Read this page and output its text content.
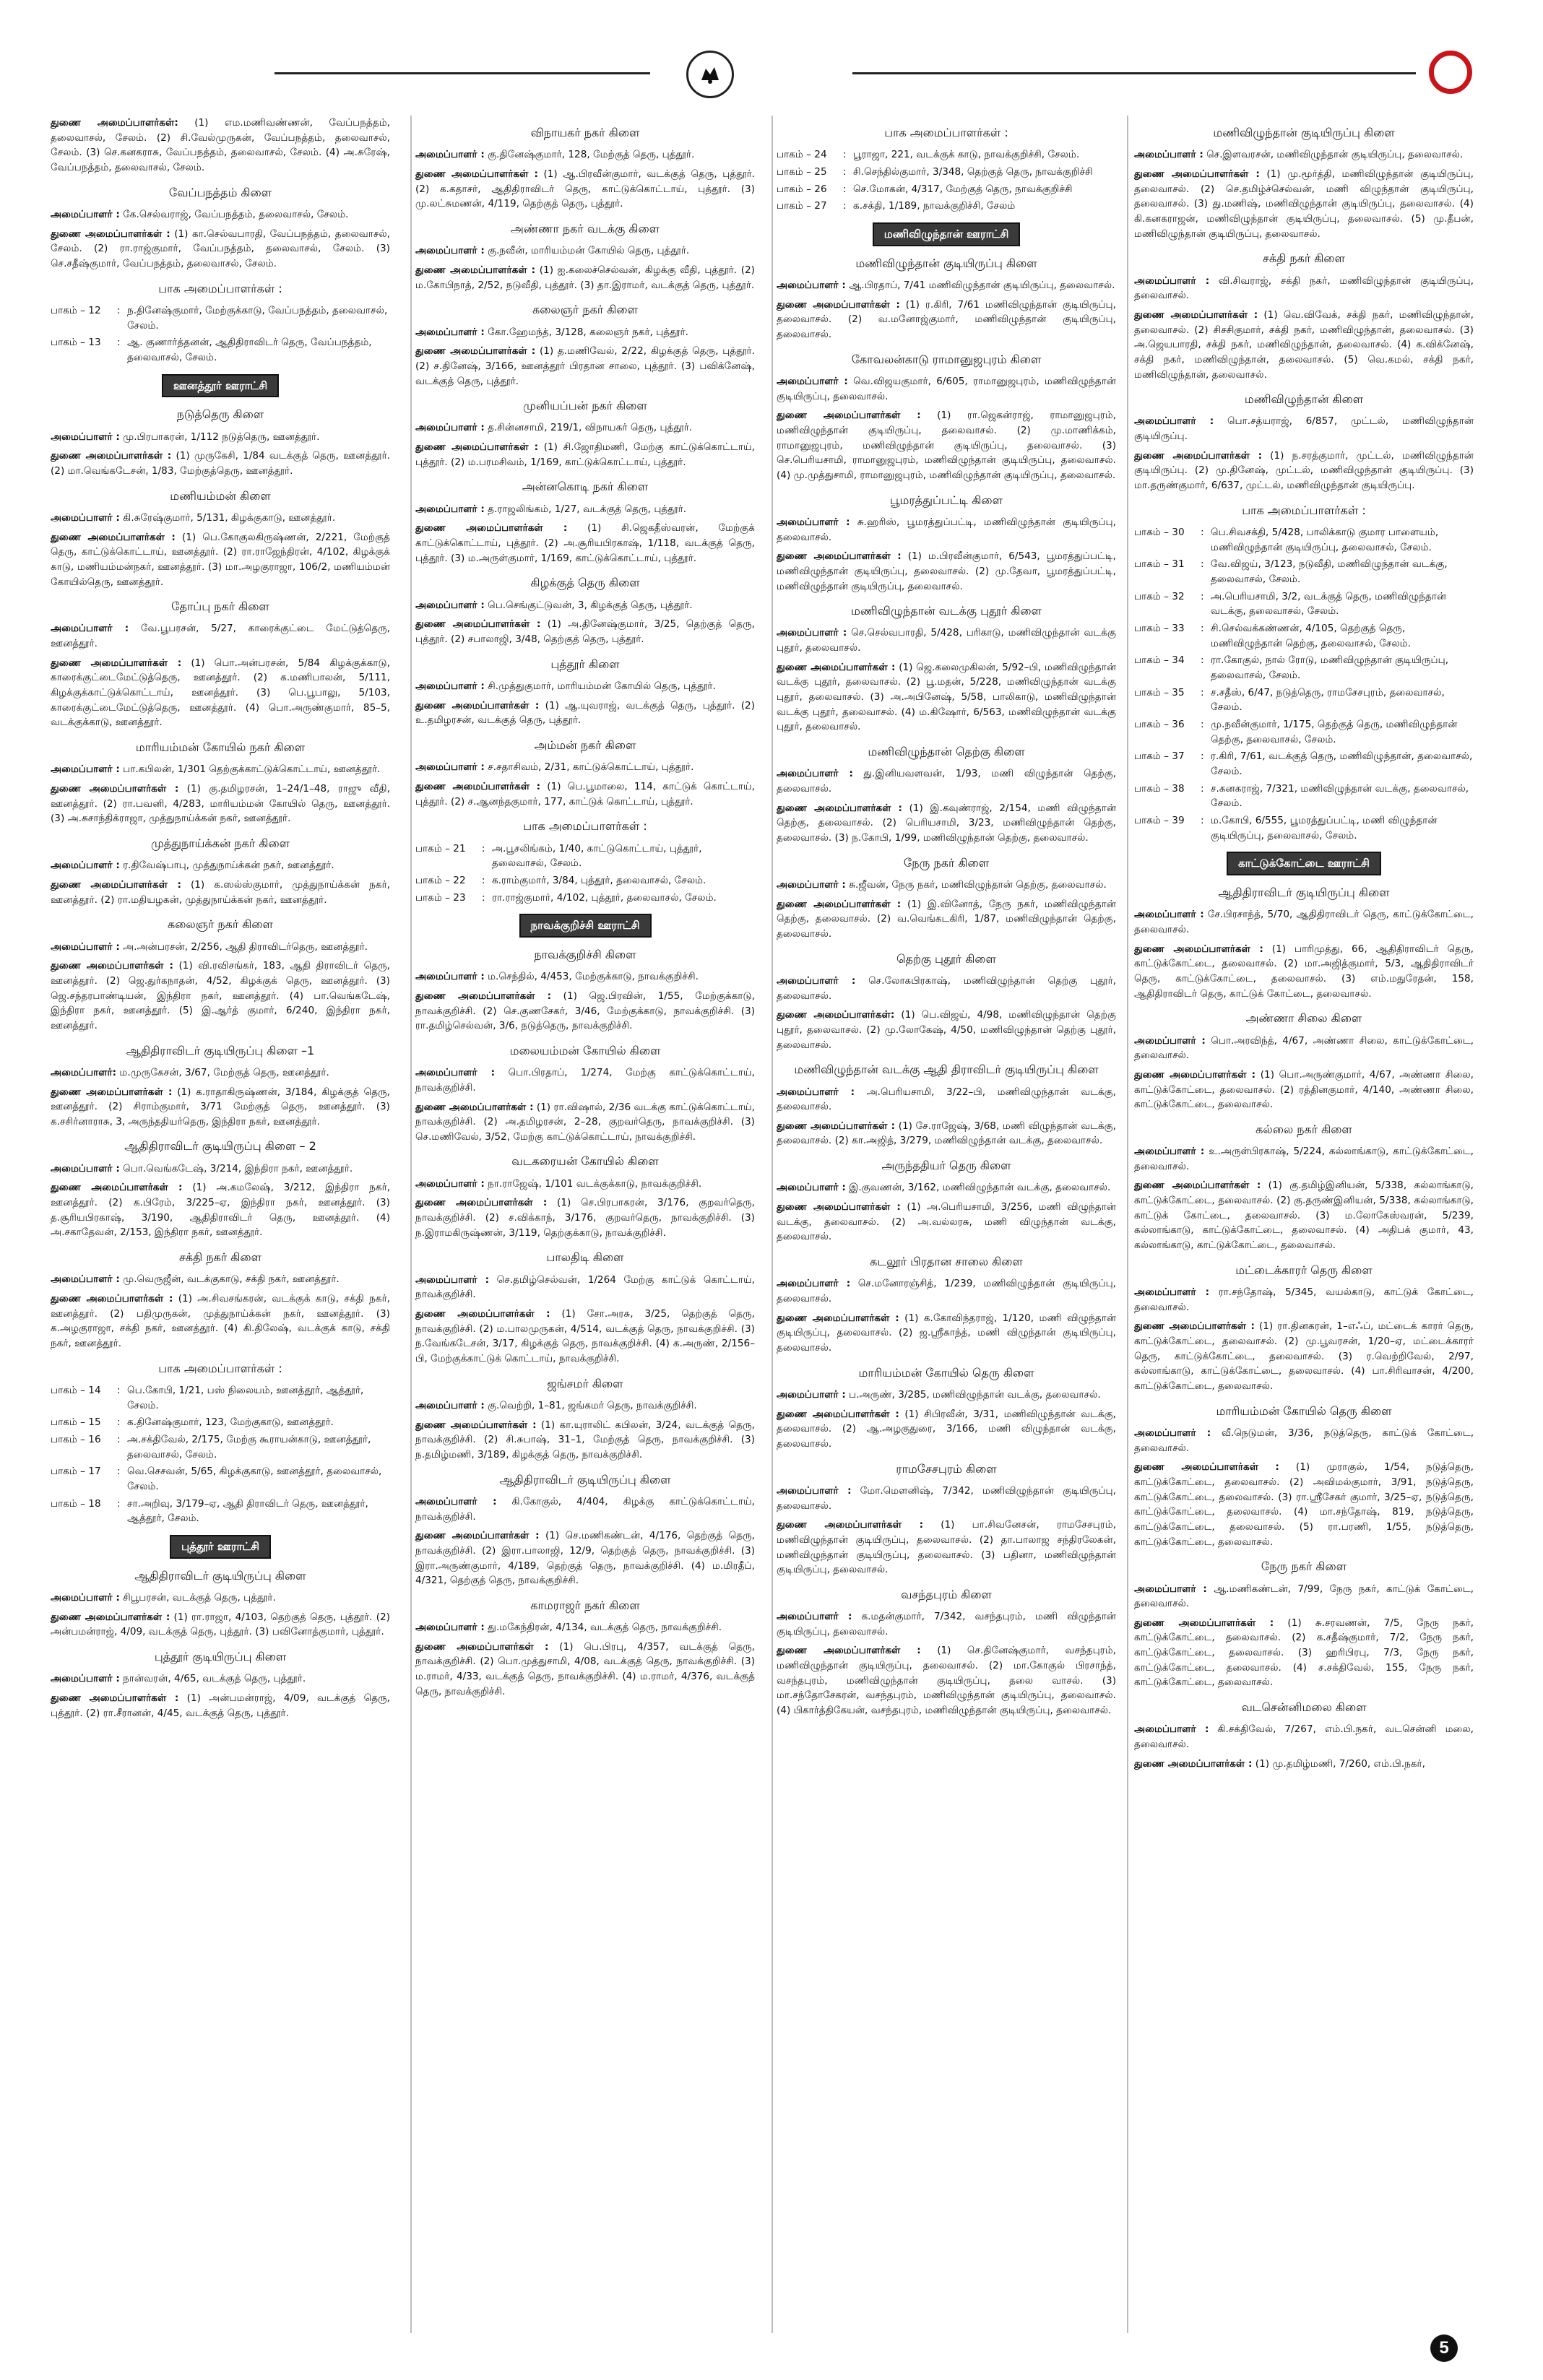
துணை அமைப்பாளர்கள்: (1) எம.மணிவண்ணன், வேப்பநத்தம், தலைவாசல், சேலம். (2) சி.வேல்முருகன், வேப்பநத்தம், தலைவாசல், சேலம். (3) செ.கனகராசு, வேப்பநத்தம், தலைவாசல், சேலம். (4) அ.சுரேஷ், வேப்பநத்தம், தலைவாசல், சேலம்.

வேப்பநத்தம் கிளை

அமைப்பாளர் : கே.செல்வராஜ், வேப்பநத்தம், தலைவாசல், சேலம்.

துணை அமைப்பாளர்கள் : (1) கா.செல்வபாரதி, வேப்பநத்தம், தலைவாசல், சேலம். (2) ரா.ராஜ்குமார், வேப்பநத்தம், தலைவாசல், சேலம். (3) செ.சதீஷ்குமார், வேப்பநத்தம், தலைவாசல், சேலம்.

பாக அமைப்பாளர்கள் :
பாகம் – 12	: ந.தினேஷ்குமார், மேற்குக்காடு, வேப்பநத்தம், தலைவாசல், சேலம்.
பாகம் – 13	: ஆ. குணார்த்தனன், ஆதிதிராவிடர் தெரு, வேப்பநத்தம், தலைவாசல், சேலம்.
ஊனத்தூர் ஊராட்சி
நடுத்தெரு கிளை

அமைப்பாளர் : மு.பிரபாகரன், 1/112 நடுத்தெரு, ஊனத்தூர்.

துணை அமைப்பாளர்கள் : (1) முருகேசி, 1/84 வடக்குத் தெரு, ஊனத்தூர். (2) மா.வெங்கடேசன், 1/83, மேற்குத்தெரு, ஊனத்தூர்.

மணியம்மன் கிளை

அமைப்பாளர் : கி.சுரேஷ்குமார், 5/131, கிழக்குகாடு, ஊனத்தூர்.

துணை அமைப்பாளர்கள் : (1) பெ.கோகுலகிருஷ்ணன், 2/221, மேற்குத் தெரு, காட்டுக்கொட்டாய், ஊனத்தூர். (2) ரா.ராஜேந்திரன், 4/102, கிழக்குக் காடு, மணியம்மன்நகர், ஊனத்தூர். (3) மா.அழகுராஜா, 106/2, மணியம்மன் கோயில்தெரு, ஊனத்தூர்.

தோப்பு நகர் கிளை

அமைப்பாளர் : வே.பூபரசன், 5/27, காரைக்குட்டை மேட்டுத்தெரு, ஊனத்தூர்.

துணை அமைப்பாளர்கள் : (1) பொ.அன்பரசன், 5/84 கிழக்குக்காடு, காரைக்குட்டைமேட்டுத்தெரு, ஊனத்தூர். (2) க.மணிபாலன், 5/111, கிழக்குக்காட்டுக்கொட்டாய், ஊனத்தூர். (3) பெ.பூபாலு, 5/103, காரைக்குட்டைமேட்டுத்தெரு, ஊனத்தூர். (4) பொ.அருண்குமார், 85–5, வடக்குக்காடு, ஊனத்தூர்.

மாரியம்மன் கோயில் நகர் கிளை

அமைப்பாளர் : பா.கபிலன், 1/301 தெற்குக்காட்டுக்கொட்டாய், ஊனத்தூர்.

துணை அமைப்பாளர்கள் : (1) கு.தமிழரசன், 1–24/1–48, ராஜு வீதி, ஊனத்தூர். (2) ரா.பவனி, 4/283, மாரியம்மன் கோயில் தெரு, ஊனத்தூர். (3) அ.சுசாந்திக்ராஜா, முத்துநாய்க்கன் நகர், ஊனத்தூர்.

முத்துநாய்க்கன் நகர் கிளை

அமைப்பாளர் : ர.திவேஷ்பாபு, முத்துநாய்க்கன் நகர், ஊனத்தூர்.

துணை அமைப்பாளர்கள் : (1) க.ஸல்ஸ்குமார், முத்துநாய்க்கன் நகர், ஊனத்தூர். (2) ரா.மதியழகன், முத்துநாய்க்கன் நகர், ஊனத்தூர்.

கலைஞர் நகர் கிளை

அமைப்பாளர் : அ.அன்பரசன், 2/256, ஆதி திராவிடர்தெரு, ஊனத்தூர்.

துணை அமைப்பாளர்கள் : (1) வி.ரவிசங்கர், 183, ஆதி திராவிடர் தெரு, ஊனத்தூர். (2) ஜெ.துர்கநாதன், 4/52, கிழக்குக் தெரு, ஊனத்தூர். (3) ஜெ.சந்தரபாண்டியன், இந்திரா நகர், ஊனத்தூர். (4) பா.வெங்கடேஷ், இந்திரா நகர், ஊனத்தூர். (5) இ.ஆர்த் குமார், 6/240, இந்திரா நகர், ஊனத்தூர்.

ஆதிதிராவிடர் குடியிருப்பு கிளை –1

அமைப்பாளர்: ம.முருகேசன், 3/67, மேற்குத் தெரு, ஊனத்தூர்.

துணை அமைப்பாளர்கள் : (1) க.ராதாகிருஷ்ணன், 3/184, கிழக்குத் தெரு, ஊனத்தூர். (2) சிராம்குமார், 3/71 மேற்குத் தெரு, ஊனத்தூர். (3) க.சசிர்னாராசு, 3, அருந்ததியர்தெரு, இந்திரா நகர், ஊனத்தூர்.

ஆதிதிராவிடர் குடியிருப்பு கிளை – 2

அமைப்பாளர் : பொ.வெங்கடேஷ், 3/214, இந்திரா நகர், ஊனத்தூர்.

துணை அமைப்பாளர்கள் : (1) அ.கமலேஷ், 3/212, இந்திரா நகர், ஊனத்தூர். (2) க.பிரேம், 3/225–ஏ, இந்திரா நகர், ஊனத்தூர். (3) த.சூரியபிரகாஷ், 3/190, ஆதிதிராவிடர் தெரு, ஊனத்தூர். (4) அ.சகாதேவன், 2/153, இந்திரா நகர், ஊனத்தூர்.

சக்தி நகர் கிளை

அமைப்பாளர் : மு.வெருஜீன், வடக்குகாடு, சக்தி நகர், ஊனத்தூர்.

துணை அமைப்பாளர்கள் : (1) அ.சிவசங்கரன், வடக்குக் காடு, சக்தி நகர், ஊனத்தூர். (2) பதிமுருகன், முத்துநாய்க்கன் நகர், ஊனத்தூர். (3) க.அழகுராஜா, சக்தி நகர், ஊனத்தூர். (4) கி.திலேஷ், வடக்குக் காடு, சக்தி நகர், ஊனத்தூர்.

பாக அமைப்பாளர்கள் :
பாகம் – 14	: பெ.கோபி, 1/21, பஸ் நிலையம், ஊனத்தூர், ஆத்தூர், சேலம்.
பாகம் – 15	: க.தினேஷ்குமார், 123, மேற்குகாடு, ஊனத்தூர்.
பாகம் – 16	: அ.சக்திவேல், 2/175, மேற்கு கூராயன்காடு, ஊனத்தூர், தலைவாசல், சேலம்.
பாகம் – 17	: வெ.செசவன், 5/65, கிழக்குகாடு, ஊனத்தூர், தலைவாசல், சேலம்.
பாகம் – 18	: சா.அறிவு, 3/179–ஏ, ஆதி திராவிடர் தெரு, ஊனத்தூர், ஆத்தூர், சேலம்.
புத்தூர் ஊராட்சி
ஆதிதிராவிடர் குடியிருப்பு கிளை

அமைப்பாளர் : சிபூபரசன், வடக்குத் தெரு, புத்தூர்.

துணை அமைப்பாளர்கள் : (1) ரா.ராஜா, 4/103, தெற்குத் தெரு, புத்தூர். (2) அன்பமன்ராஜ், 4/09, வடக்குத் தெரு, புத்தூர். (3) பவினோத்குமார், புத்தூர்.

புத்தூர் குடியிருப்பு கிளை

அமைப்பாளர் : நான்வரன், 4/65, வடக்குத் தெரு, புத்தூர்.

துணை அமைப்பாளர்கள் : (1) அன்பமன்ராஜ், 4/09, வடக்குத் தெரு, புத்தூர். (2) ரா.சீரானன், 4/45, வடக்குத் தெரு, புத்தூர்.

விநாயகர் நகர் கிளை

அமைப்பாளர் : கு.தினேஷ்குமார், 128, மேற்குத் தெரு, புத்தூர்.

துணை அமைப்பாளர்கள் : (1) ஆ.பிரவீன்குமார், வடக்குத் தெரு, புத்தூர். (2) க.கதாசர், ஆதிதிராவிடர் தெரு, காட்டுக்கொட்டாய், புத்தூர். (3) மு.லட்சுமணன், 4/119, தெற்குத் தெரு, புத்தூர்.

அண்ணா நகர் வடக்கு கிளை

அமைப்பாளர் : கு.நவீன், மாரியம்மன் கோயில் தெரு, புத்தூர்.

துணை அமைப்பாளர்கள் : (1) ஐ.கலைச்செல்வன், கிழக்கு வீதி, புத்தூர். (2) ம.கோபிநாத், 2/52, நடுவீதி, புத்தூர். (3) தா.இராமர், வடக்குத் தெரு, புத்தூர்.

கலைஞர் நகர் கிளை

அமைப்பாளர் : கோ.ஹேமந்த், 3/128, கலைஞர் நகர், புத்தூர்.

துணை அமைப்பாளர்கள் : (1) த.மணிவேல், 2/22, கிழக்குத் தெரு, புத்தூர். (2) ச.தினேஷ், 3/166, ஊனத்தூர் பிரதான சாலை, புத்தூர். (3) பவிக்னேஷ், வடக்குத் தெரு, புத்தூர்.

முனியப்பன் நகர் கிளை

அமைப்பாளர் : த.சின்னசாமி, 219/1, விநாயகர் தெரு, புத்தூர்.

துணை அமைப்பாளர்கள் : (1) சி.ஜோதிமணி, மேற்கு காட்டுக்கொட்டாய், புத்தூர். (2) ம.பரமசிவம், 1/169, காட்டுக்கொட்டாய், புத்தூர்.

அன்னகொடி நகர் கிளை

அமைப்பாளர் : த.ராஜலிங்கம், 1/27, வடக்குத் தெரு, புத்தூர்.

துணை அமைப்பாளர்கள் : (1) சி.ஜெகதீஸ்வரன், மேற்குக் காட்டுக்கொட்டாய், புத்தூர். (2) அ.சூரியபிரகாஷ், 1/118, வடக்குத் தெரு, புத்தூர். (3) ம.அருள்குமார், 1/169, காட்டுக்கொட்டாய், புத்தூர்.

கிழக்குத் தெரு கிளை

அமைப்பாளர் : பெ.செங்குட்டுவன், 3, கிழக்குத் தெரு, புத்தூர்.

துணை அமைப்பாளர்கள் : (1) அ.தினேஷ்குமார், 3/25, தெற்குத் தெரு, புத்தூர். (2) சபாலாஜி, 3/48, தெற்குத் தெரு, புத்தூர்.

புத்தூர் கிளை

அமைப்பாளர் : சி.முத்துகுமார், மாரியம்மன் கோயில் தெரு, புத்தூர்.

துணை அமைப்பாளர்கள் : (1) ஆ.யுவராஜ், வடக்குத் தெரு, புத்தூர். (2) உ.தமிழரசன், வடக்குத் தெரு, புத்தூர்.

அம்மன் நகர் கிளை

அமைப்பாளர் : ச.சதாசிவம், 2/31, காட்டுக்கொட்டாய், புத்தூர்.

துணை அமைப்பாளர்கள் : (1) பெ.பூமாலை, 114, காட்டுக் கொட்டாய், புத்தூர். (2) ச.ஆனந்தகுமார், 177, காட்டுக் கொட்டாய், புத்தூர்.

பாக அமைப்பாளர்கள் :
பாகம் – 21	: அ.பூசலிங்கம், 1/40, காட்டுகொட்டாய், புத்தூர், தலைவாசல், சேலம்.
பாகம் – 22	: க.ராம்குமார், 3/84, புத்தூர், தலைவாசல், சேலம்.
பாகம் – 23	: ரா.ராஜ்குமார், 4/102, புத்தூர், தலைவாசல், சேலம்.
நாவக்குறிச்சி ஊராட்சி
நாவக்குறிச்சி கிளை

அமைப்பாளர் : ம.செந்தில், 4/453, மேற்குக்காடு, நாவக்குறிச்சி.

துணை அமைப்பாளர்கள் : (1) ஜெ.பிரவின், 1/55, மேற்குக்காடு, நாவக்குறிச்சி. (2) செ.குணசேகர், 3/46, மேற்குக்காடு, நாவக்குறிச்சி. (3) ரா.தமிழ்செல்வன், 3/6, நடுத்தெரு, நாவக்குறிச்சி.

மலையம்மன் கோயில் கிளை

அமைப்பாளர் : பொ.பிரதாப், 1/274, மேற்கு காட்டுக்கொட்டாய், நாவக்குறிச்சி.

துணை அமைப்பாளர்கள் : (1) ரா.விஷால், 2/36 வடக்கு காட்டுக்கொட்டாய், நாவக்குறிச்சி. (2) அ.தமிழரசன், 2–28, குறவர்தெரு, நாவக்குறிச்சி. (3) செ.மணிவேல், 3/52, மேற்கு காட்டுக்கொட்டாய், நாவக்குறிச்சி.

வடகரையன் கோயில் கிளை

அமைப்பாளர் : நா.ராஜேஷ், 1/101 வடக்குக்காடு, நாவக்குறிச்சி.

துணை அமைப்பாளர்கள் : (1) செ.பிரபாகரன், 3/176, குறவர்தெரு, நாவக்குறிச்சி. (2) ச.விக்காந், 3/176, குறவர்தெரு, நாவக்குறிச்சி. (3) ந.இராமகிருஷ்ணன், 3/119, தெற்குக்காடு, நாவக்குறிச்சி.

பாலதிடி கிளை

அமைப்பாளர் : செ.தமிழ்செல்வன், 1/264 மேற்கு காட்டுக் கொட்டாய், நாவக்குறிச்சி.

துணை அமைப்பாளர்கள் : (1) சோ.அரசு, 3/25, தெற்குத் தெரு, நாவக்குறிச்சி. (2) ம.பாலமுருகன், 4/514, வடக்குத் தெரு, நாவக்குறிச்சி. (3) ந.வேங்கடேசன், 3/17, கிழக்குத் தெரு, நாவக்குறிச்சி. (4) க.அருண், 2/156–பி, மேற்குக்காட்டுக் கொட்டாய், நாவக்குறிச்சி.

ஜங்சமர் கிளை

அமைப்பாளர் : கு.வெற்றி, 1–81, ஜங்கமர் தெரு, நாவக்குறிச்சி.

துணை அமைப்பாளர்கள் : (1) கா.யுராலிட் கபிலன், 3/24, வடக்குத் தெரு, நாவக்குறிச்சி. (2) சி.சுபாஷ், 31–1, மேற்குத் தெரு, நாவக்குறிச்சி. (3) ந.தமிழ்மணி, 3/189, கிழக்குத் தெரு, நாவக்குறிச்சி.

ஆதிதிராவிடர் குடியிருப்பு கிளை

அமைப்பாளர் : கி.கோகுல், 4/404, கிழக்கு காட்டுக்கொட்டாய், நாவக்குறிச்சி.

துணை அமைப்பாளர்கள் : (1) செ.மணிகண்டன், 4/176, தெற்குத் தெரு, நாவக்குறிச்சி. (2) இரா.பாலாஜி, 12/9, தெற்குத் தெரு, நாவக்குறிச்சி. (3) இரா.அருண்குமார், 4/189, தெற்குத் தெரு, நாவக்குறிச்சி. (4) ம.மிரதீப், 4/321, தெற்குத் தெரு, நாவக்குறிச்சி.

காமராஜர் நகர் கிளை

அமைப்பாளர் : து.மகேந்திரன், 4/134, வடக்குத் தெரு, நாவக்குறிச்சி.

துணை அமைப்பாளர்கள் : (1) பெ.பிரபு, 4/357, வடக்குத் தெரு, நாவக்குறிச்சி. (2) பொ.முத்துசாமி, 4/08, வடக்குத் தெரு, நாவக்குறிச்சி. (3) ம.ராமர், 4/33, வடக்குத் தெரு, நாவக்குறிச்சி. (4) ம.ராமர், 4/376, வடக்குத் தெரு, நாவக்குறிச்சி.

பாக அமைப்பாளர்கள் :
பாகம் – 24	: பூராஜா, 221, வடக்குக் காடு, நாவக்குறிச்சி, சேலம்.
பாகம் – 25	: சி.செந்தில்குமார், 3/348, தெற்குத் தெரு, நாவக்குறிச்சி
பாகம் – 26	: செ.மோகன், 4/317, மேற்குத் தெரு, நாவக்குறிச்சி
பாகம் – 27	: க.சக்தி, 1/189, நாவக்குறிச்சி, சேலம்
மணிவிழுந்தான் ஊராட்சி
மணிவிழுந்தான் குடியிருப்பு கிளை

அமைப்பாளர் : ஆ.பிரதாப், 7/41 மணிவிழுந்தான் குடியிருப்பு, தலைவாசல்.

துணை அமைப்பாளர்கள் : (1) ர.கிரி, 7/61 மணிவிழுந்தான் குடியிருப்பு, தலைவாசல். (2) வ.மனோஜ்குமார், மணிவிழுந்தான் குடியிருப்பு, தலைவாசல்.

கோவலன்காடு ராமானுஜபுரம் கிளை

அமைப்பாளர் : வெ.விஜயகுமார், 6/605, ராமானுஜபுரம், மணிவிழுந்தான் குடியிருப்பு, தலைவாசல்.

துணை அமைப்பாளர்கள் : (1) ரா.ஜெகன்ராஜ், ராமானுஜபுரம், மணிவிழுந்தான் குடியிருப்பு, தலைவாசல். (2) மு.மாணிக்கம், ராமானுஜபுரம், மணிவிழுந்தான் குடியிருப்பு, தலைவாசல். (3) செ.பெரியசாமி, ராமானுஜபுரம், மணிவிழுந்தான் குடியிருப்பு, தலைவாசல். (4) மு.முத்துசாமி, ராமானுஜபுரம், மணிவிழுந்தான் குடியிருப்பு, தலைவாசல்.

பூமரத்துப்பட்டி கிளை

அமைப்பாளர் : சு.ஹரிஸ், பூமரத்துப்பட்டி, மணிவிழுந்தான் குடியிருப்பு, தலைவாசல்.

துணை அமைப்பாளர்கள் : (1) ம.பிரவீன்குமார், 6/543, பூமரத்துப்பட்டி, மணிவிழுந்தான் குடியிருப்பு, தலைவாசல். (2) மு.தேவா, பூமரத்துப்பட்டி, மணிவிழுந்தான் குடியிருப்பு, தலைவாசல்.

மணிவிழுந்தான் வடக்கு புதூர் கிளை

அமைப்பாளர் : செ.செல்வபாரதி, 5/428, பரிகாடு, மணிவிழுந்தான் வடக்கு புதூர், தலைவாசல்.

துணை அமைப்பாளர்கள் : (1) ஜெ.கலைமுகிலன், 5/92–பி, மணிவிழுந்தான் வடக்கு புதூர், தலைவாசல். (2) பூ.மதன், 5/228, மணிவிழுந்தான் வடக்கு புதூர், தலைவாசல். (3) அ.அபினேஷ், 5/58, பாலிகாடு, மணிவிழுந்தான் வடக்கு புதூர், தலைவாசல். (4) ம.கிஷோர், 6/563, மணிவிழுந்தான் வடக்கு புதூர், தலைவாசல்.

மணிவிழுந்தான் தெற்கு கிளை

அமைப்பாளர் : து.இனியவளவன், 1/93, மணி விழுந்தான் தெற்கு, தலைவாசல்.

துணை அமைப்பாளர்கள் : (1) இ.கவுண்ராஜ், 2/154, மணி விழுந்தான் தெற்கு, தலைவாசல். (2) பெரியசாமி, 3/23, மணிவிழுந்தான் தெற்கு, தலைவாசல். (3) ந.கோபி, 1/99, மணிவிழுந்தான் தெற்கு, தலைவாசல்.

நேரு நகர் கிளை

அமைப்பாளர் : சு.ஜீவன், நேரு நகர், மணிவிழுந்தான் தெற்கு, தலைவாசல்.

துணை அமைப்பாளர்கள் : (1) இ.வினோத், நேரு நகர், மணிவிழுந்தான் தெற்கு, தலைவாசல். (2) வ.வெங்கடகிரி, 1/87, மணிவிழுந்தான் தெற்கு, தலைவாசல்.

தெற்கு புதூர் கிளை

அமைப்பாளர் : செ.லோகபிரகாஷ், மணிவிழுந்தான் தெற்கு புதூர், தலைவாசல்.

துணை அமைப்பாளர்கள்: (1) பெ.விஜய், 4/98, மணிவிழுந்தான் தெற்கு புதூர், தலைவாசல். (2) மு.லோகேஷ், 4/50, மணிவிழுந்தான் தெற்கு புதூர், தலைவாசல்.

மணிவிழுந்தான் வடக்கு ஆதி திராவிடர் குடியிருப்பு கிளை

அமைப்பாளர் : அ.பெரியசாமி, 3/22–பி, மணிவிழுந்தான் வடக்கு, தலைவாசல்.

துணை அமைப்பாளர்கள் : (1) சே.ராஜேஷ், 3/68, மணி விழுந்தான் வடக்கு, தலைவாசல். (2) கா.அஜித், 3/279, மணிவிழுந்தான் வடக்கு, தலைவாசல்.

அருந்ததியர் தெரு கிளை

அமைப்பாளர் : இ.குவணன், 3/162, மணிவிழுந்தான் வடக்கு, தலைவாசல்.

துணை அமைப்பாளர்கள் : (1) அ.பெரியசாமி, 3/256, மணி விழுந்தான் வடக்கு, தலைவாசல். (2) அ.வல்லரசு, மணி விழுந்தான் வடக்கு, தலைவாசல்.

கடலூர் பிரதான சாலை கிளை

அமைப்பாளர் : செ.மனோரஞ்சித், 1/239, மணிவிழுந்தான் குடியிருப்பு, தலைவாசல்.

துணை அமைப்பாளர்கள் : (1) க.கோவிந்தராஜ், 1/120, மணி விழுந்தான் குடியிருப்பு, தலைவாசல். (2) ஜ.ஸ்ரீகாந்த், மணி விழுந்தான் குடியிருப்பு, தலைவாசல்.

மாரியம்மன் கோயில் தெரு கிளை

அமைப்பாளர் : ப.அருண், 3/285, மணிவிழுந்தான் வடக்கு, தலைவாசல்.

துணை அமைப்பாளர்கள் : (1) சிபிரவீன், 3/31, மணிவிழுந்தான் வடக்கு, தலைவாசல். (2) ஆ.அழகுதுரை, 3/166, மணி விழுந்தான் வடக்கு, தலைவாசல்.

ராமசேசபுரம் கிளை

அமைப்பாளர் : மோ.மௌனிஷ், 7/342, மணிவிழுந்தான் குடியிருப்பு, தலைவாசல்.

துணை அமைப்பாளர்கள் : (1) பா.சிவனேசன், ராமசேசபுரம், மணிவிழுந்தான் குடியிருப்பு, தலைவாசல். (2) தா.பாலாஜ சந்திரலேகன், மணிவிழுந்தான் குடியிருப்பு, தலைவாசல். (3) பதினா, மணிவிழுந்தான் குடியிருப்பு, தலைவாசல்.

வசந்தபுரம் கிளை

அமைப்பாளர் : க.மதன்குமார், 7/342, வசந்தபுரம், மணி விழுந்தான் குடியிருப்பு, தலைவாசல்.

துணை அமைப்பாளர்கள் : (1) செ.தினேஷ்குமார், வசந்தபுரம், மணிவிழுந்தான் குடியிருப்பு, தலைவாசல். (2) மா.கோகுல் பிரசாந்த், வசந்தபுரம், மணிவிழுந்தான் குடியிருப்பு, தலை வாசல். (3) மா.சந்தோசேகரன், வசந்தபுரம், மணிவிழுந்தான் குடியிருப்பு, தலைவாசல். (4) பிகார்த்திகேயன், வசந்தபுரம், மணிவிழுந்தான் குடியிருப்பு, தலைவாசல்.

மணிவிழுந்தான் குடியிருப்பு கிளை

அமைப்பாளர் : செ.இளவரசன், மணிவிழுந்தான் குடியிருப்பு, தலைவாசல்.

துணை அமைப்பாளர்கள் : (1) மு.மூர்த்தி, மணிவிழுந்தான் குடியிருப்பு, தலைவாசல். (2) செ.தமிழ்ச்செல்வன், மணி விழுந்தான் குடியிருப்பு, தலைவாசல். (3) து.மணிஷ், மணிவிழுந்தான் குடியிருப்பு, தலைவாசல். (4) கி.கனகராஜன், மணிவிழுந்தான் குடியிருப்பு, தலைவாசல். (5) மு.தீபன், மணிவிழுந்தான் குடியிருப்பு, தலைவாசல்.

சக்தி நகர் கிளை

அமைப்பாளர் : வி.சிவராஜ், சக்தி நகர், மணிவிழுந்தான் குடியிருப்பு, தலைவாசல்.

துணை அமைப்பாளர்கள் : (1) வெ.விவேக், சக்தி நகர், மணிவிழுந்தான், தலைவாசல். (2) சிசசிகுமார், சக்தி நகர், மணிவிழுந்தான், தலைவாசல். (3) அ.ஜெயபாரதி, சக்தி நகர், மணிவிழுந்தான், தலைவாசல். (4) க.விக்னேஷ், சக்தி நகர், மணிவிழுந்தான், தலைவாசல். (5) வெ.கமல், சக்தி நகர், மணிவிழுந்தான், தலைவாசல்.

மணிவிழுந்தான் கிளை

அமைப்பாளர் : பொ.சத்யராஜ், 6/857, முட்டல், மணிவிழுந்தான் குடியிருப்பு.

துணை அமைப்பாளர்கள் : (1) ந.சரத்குமார், முட்டல், மணிவிழுந்தான் குடியிருப்பு. (2) மு.தினேஷ், முட்டல், மணிவிழுந்தான் குடியிருப்பு. (3) மா.தருண்குமார், 6/637, முட்டல், மணிவிழுந்தான் குடியிருப்பு.

பாக அமைப்பாளர்கள் :
பாகம் – 30	: பெ.சிவசக்தி, 5/428, பாலிக்காடு குமார பாளையம், மணிவிழுந்தான் குடியிருப்பு, தலைவாசல், சேலம்.
பாகம் – 31	: வே.விஜய், 3/123, நடுவீதி, மணிவிழுந்தான் வடக்கு, தலைவாசல், சேலம்.
பாகம் – 32	: அ.பெரியசாமி, 3/2, வடக்குத் தெரு, மணிவிழுந்தான் வடக்கு, தலைவாசல், சேலம்.
பாகம் – 33	: சி.செல்வக்கண்ணன், 4/105, தெற்குத் தெரு, மணிவிழுந்தான் தெற்கு, தலைவாசல், சேலம்.
பாகம் – 34	: ரா.கோகுல், நால் ரோடு, மணிவிழுந்தான் குடியிருப்பு, தலைவாசல், சேலம்.
பாகம் – 35	: ச.சதீஸ், 6/47, நடுத்தெரு, ராமசேசபுரம், தலைவாசல், சேலம்.
பாகம் – 36	: மு.நவீன்குமார், 1/175, தெற்குத் தெரு, மணிவிழுந்தான் தெற்கு, தலைவாசல், சேலம்.
பாகம் – 37	: ர.கிரி, 7/61, வடக்குத் தெரு, மணிவிழுந்தான், தலைவாசல், சேலம்.
பாகம் – 38	: ச.கனகராஜ், 7/321, மணிவிழுந்தான் வடக்கு, தலைவாசல், சேலம்.
பாகம் – 39	: ம.கோபி, 6/555, பூமரத்துப்பட்டி, மணி விழுந்தான் குடியிருப்பு, தலைவாசல், சேலம்.
காட்டுக்கோட்டை ஊராட்சி
ஆதிதிராவிடர் குடியிருப்பு கிளை

அமைப்பாளர் : சே.பிரசாந்த், 5/70, ஆதிதிராவிடர் தெரு, காட்டுக்கோட்டை, தலைவாசல்.

துணை அமைப்பாளர்கள் : (1) பாரிமுத்து, 66, ஆதிதிராவிடர் தெரு, காட்டுக்கோட்டை, தலைவாசல். (2) மா.அஜித்குமார், 5/3, ஆதிதிராவிடர் தெரு, காட்டுக்கோட்டை, தலைவாசல். (3) எம்.மதுரேதன், 158, ஆதிதிராவிடர் தெரு, காட்டுக் கோட்டை, தலைவாசல்.

அண்ணா சிலை கிளை

அமைப்பாளர் : பொ.அரவிந்த், 4/67, அண்ணா சிலை, காட்டுக்கோட்டை, தலைவாசல்.

துணை அமைப்பாளர்கள் : (1) பொ.அருண்குமார், 4/67, அண்ணா சிலை, காட்டுக்கோட்டை, தலைவாசல். (2) ரத்தினகுமார், 4/140, அண்ணா சிலை, காட்டுக்கோட்டை, தலைவாசல்.

கல்லை நகர் கிளை

அமைப்பாளர் : உ.அருள்பிரகாஷ், 5/224, கல்லாங்காடு, காட்டுக்கோட்டை, தலைவாசல்.

துணை அமைப்பாளர்கள் : (1) கு.தமிழ்இனியன், 5/338, கல்லாங்காடு, காட்டுக்கோட்டை, தலைவாசல். (2) கு.தருண்இனியன், 5/338, கல்லாங்காடு, காட்டுக் கோட்டை, தலைவாசல். (3) ம.லோகேஸ்வரன், 5/239, கல்லாங்காடு, காட்டுக்கோட்டை, தலைவாசல். (4) அதிபக் குமார், 43, கல்லாங்காடு, காட்டுக்கோட்டை, தலைவாசல்.

மட்டைக்காரர் தெரு கிளை

அமைப்பாளர் : ரா.சந்தோஷ், 5/345, வயல்காடு, காட்டுக் கோட்டை, தலைவாசல்.

துணை அமைப்பாளர்கள் : (1) ரா.தினகரன், 1–எஃப், மட்டைக் காரர் தெரு, காட்டுக்கோட்டை, தலைவாசல். (2) மு.பூவரசன், 1/20–ஏ, மட்டைக்காரர் தெரு, காட்டுக்கோட்டை, தலைவாசல். (3) ர.வெற்றிவேல், 2/97, கல்லாங்காடு, காட்டுக்கோட்டை, தலைவாசல். (4) பா.சிரிவாசன், 4/200, காட்டுக்கோட்டை, தலைவாசல்.

மாரியம்மன் கோயில் தெரு கிளை

அமைப்பாளர் : வீ.நெடுமன், 3/36, நடுத்தெரு, காட்டுக் கோட்டை, தலைவாசல்.

துணை அமைப்பாளர்கள் : (1) முராகுல், 1/54, நடுத்தெரு, காட்டுக்கோட்டை, தலைவாசல். (2) அவிமல்குமார், 3/91, நடுத்தெரு, காட்டுக்கோட்டை, தலைவாசல். (3) ரா.ஸ்ரீசேகர் குமார், 3/25–ஏ, நடுத்தெரு, காட்டுக்கோட்டை, தலைவாசல். (4) மா.சந்தோஷ், 819, நடுத்தெரு, காட்டுக்கோட்டை, தலைவாசல். (5) ரா.பரணி, 1/55, நடுத்தெரு, காட்டுக்கோட்டை, தலைவாசல்.

நேரு நகர் கிளை

அமைப்பாளர் : ஆ.மணிகண்டன், 7/99, நேரு நகர், காட்டுக் கோட்டை, தலைவாசல்.

துணை அமைப்பாளர்கள் : (1) சு.சரவணன், 7/5, நேரு நகர், காட்டுக்கோட்டை, தலைவாசல். (2) க.சதீஷ்குமார், 7/2, நேரு நகர், காட்டுக்கோட்டை, தலைவாசல். (3) ஹரிபிரபு, 7/3, நேரு நகர், காட்டுக்கோட்டை, தலைவாசல். (4) ச.சக்திவேல், 155, நேரு நகர், காட்டுக்கோட்டை, தலைவாசல்.

வடசென்னிமலை கிளை

அமைப்பாளர் : கி.சக்திவேல், 7/267, எம்.பி.நகர், வடசென்னி மலை, தலைவாசல்.

துணை அமைப்பாளர்கள் : (1) மு.தமிழ்மணி, 7/260, எம்.பி.நகர்,

5
